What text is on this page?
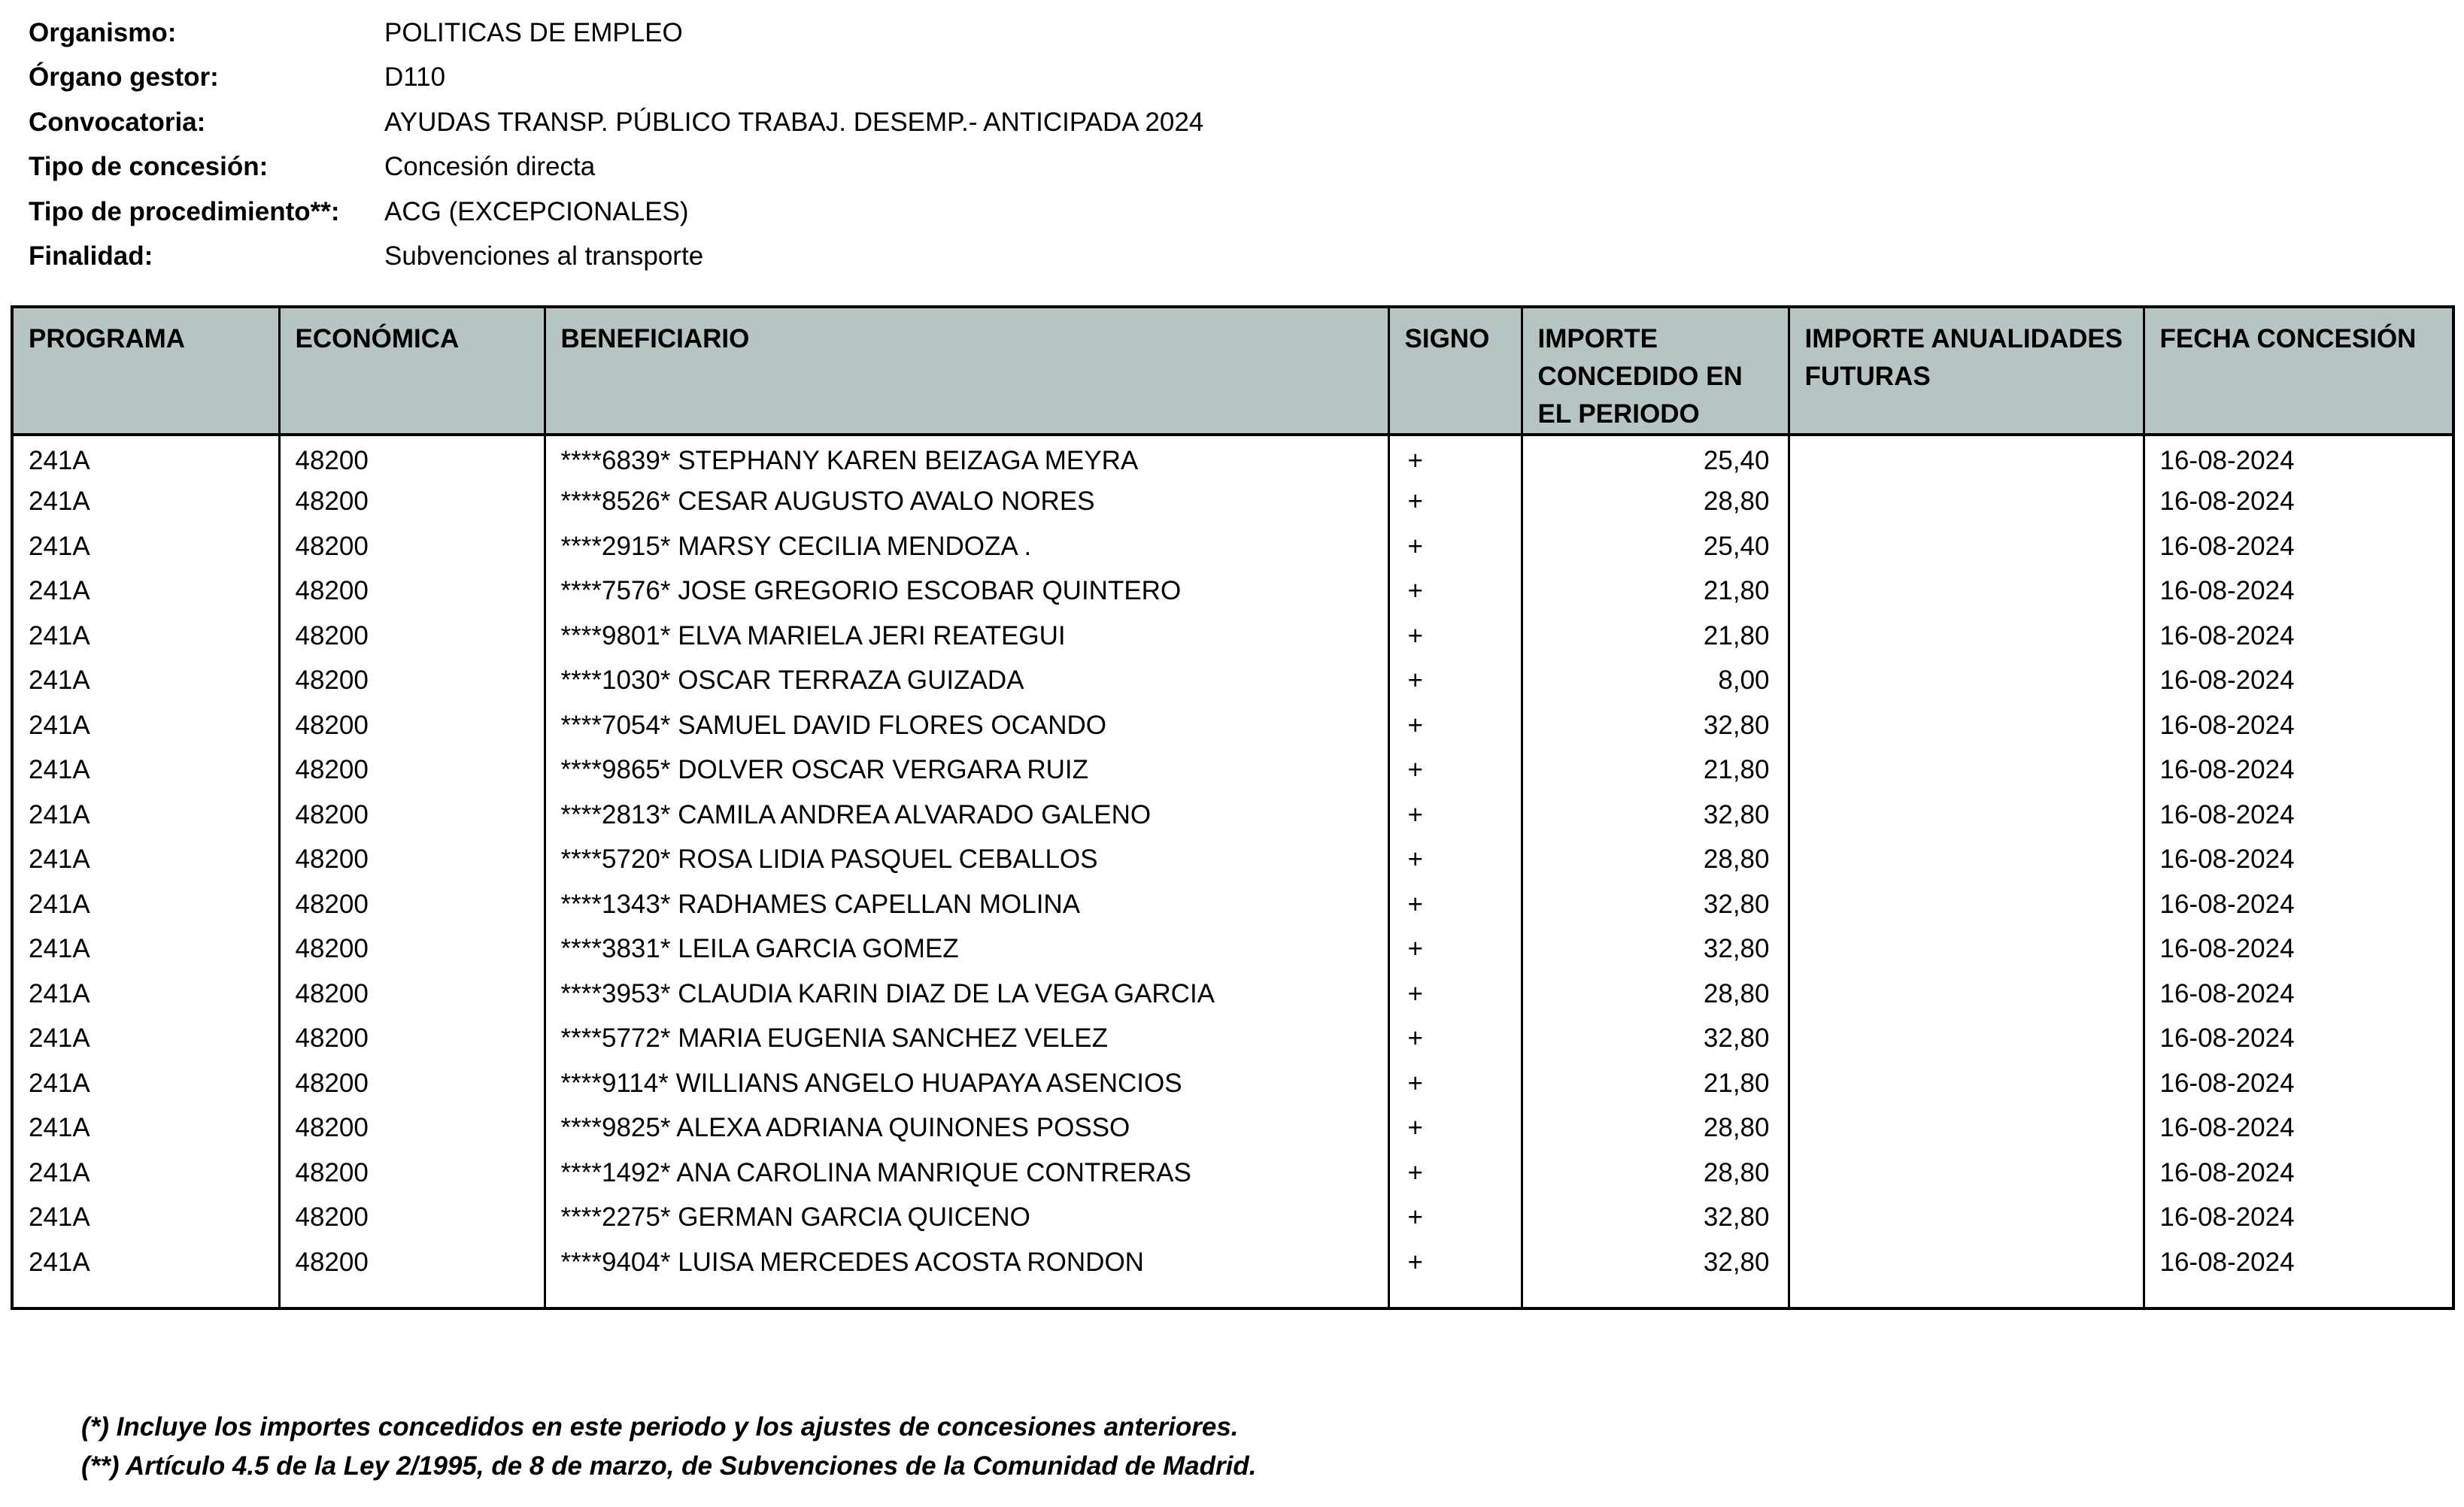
Organismo:	POLITICAS DE EMPLEO
Órgano gestor:	D110
Convocatoria:	AYUDAS TRANSP. PÚBLICO TRABAJ. DESEMP.- ANTICIPADA 2024
Tipo de concesión:	Concesión directa
Tipo de procedimiento**:	ACG (EXCEPCIONALES)
Finalidad:	Subvenciones al transporte
PROGRAMA	ECONÓMICA	BENEFICIARIO	SIGNO	IMPORTE CONCEDIDO EN EL PERIODO	IMPORTE ANUALIDADES FUTURAS	FECHA CONCESIÓN
241A	48200	****6839* STEPHANY KAREN BEIZAGA MEYRA	+	25,40		16-08-2024
241A	48200	****8526* CESAR AUGUSTO AVALO NORES	+	28,80		16-08-2024
241A	48200	****2915* MARSY CECILIA MENDOZA .	+	25,40		16-08-2024
241A	48200	****7576* JOSE GREGORIO ESCOBAR QUINTERO	+	21,80		16-08-2024
241A	48200	****9801* ELVA MARIELA JERI REATEGUI	+	21,80		16-08-2024
241A	48200	****1030* OSCAR TERRAZA GUIZADA	+	8,00		16-08-2024
241A	48200	****7054* SAMUEL DAVID FLORES OCANDO	+	32,80		16-08-2024
241A	48200	****9865* DOLVER OSCAR VERGARA RUIZ	+	21,80		16-08-2024
241A	48200	****2813* CAMILA ANDREA ALVARADO GALENO	+	32,80		16-08-2024
241A	48200	****5720* ROSA LIDIA PASQUEL CEBALLOS	+	28,80		16-08-2024
241A	48200	****1343* RADHAMES CAPELLAN MOLINA	+	32,80		16-08-2024
241A	48200	****3831* LEILA GARCIA GOMEZ	+	32,80		16-08-2024
241A	48200	****3953* CLAUDIA KARIN DIAZ DE LA VEGA GARCIA	+	28,80		16-08-2024
241A	48200	****5772* MARIA EUGENIA SANCHEZ VELEZ	+	32,80		16-08-2024
241A	48200	****9114* WILLIANS ANGELO HUAPAYA ASENCIOS	+	21,80		16-08-2024
241A	48200	****9825* ALEXA ADRIANA QUINONES POSSO	+	28,80		16-08-2024
241A	48200	****1492* ANA CAROLINA MANRIQUE CONTRERAS	+	28,80		16-08-2024
241A	48200	****2275* GERMAN GARCIA QUICENO	+	32,80		16-08-2024
241A	48200	****9404* LUISA MERCEDES ACOSTA RONDON	+	32,80		16-08-2024

(*) Incluye los importes concedidos en este periodo y los ajustes de concesiones anteriores.
(**) Artículo 4.5 de la Ley 2/1995, de 8 de marzo, de Subvenciones de la Comunidad de Madrid.
